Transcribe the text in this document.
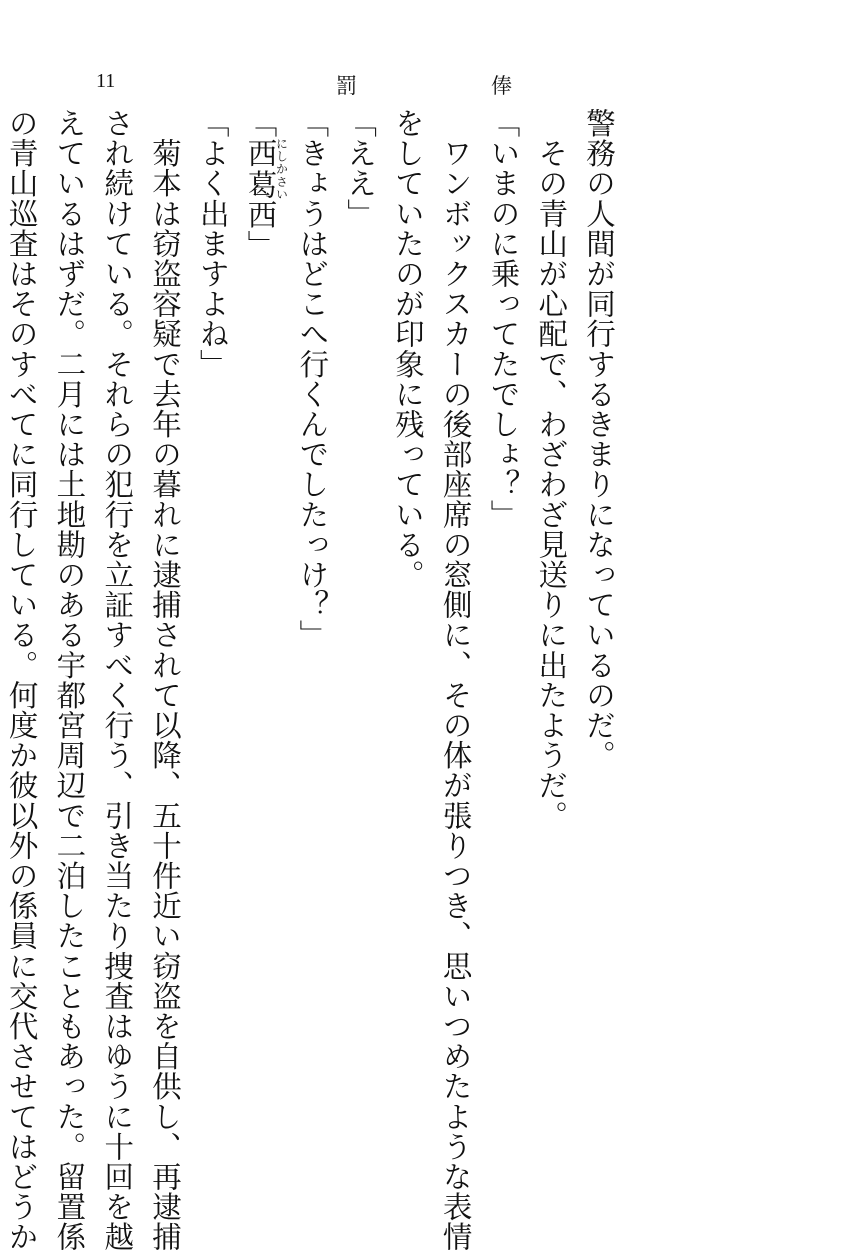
11	罰	俸

警務の人間が同行するきまりになっているのだ。

　その青山が心配で、わざわざ見送りに出たようだ。

「いまのに乗ってたでしょ？」

　ワンボックスカーの後部座席の窓側に、その体が張りつき、思いつめたような表情

をしていたのが印象に残っている。

「ええ」

「きょうはどこへ行くんでしたっけ？」

「西葛にしかさい西」

「よく出ますよね」

　菊本は窃盗容疑で去年の暮れに逮捕されて以降、五十件近い窃盗を自供し、再逮捕

され続けている。それらの犯行を立証すべく行う、引き当たり捜査はゆうに十回を越

えているはずだ。二月には土地勘のある宇都宮周辺で二泊したこともあった。留置係

の青山巡査はそのすべてに同行している。何度か彼以外の係員に交代させてはどうか
